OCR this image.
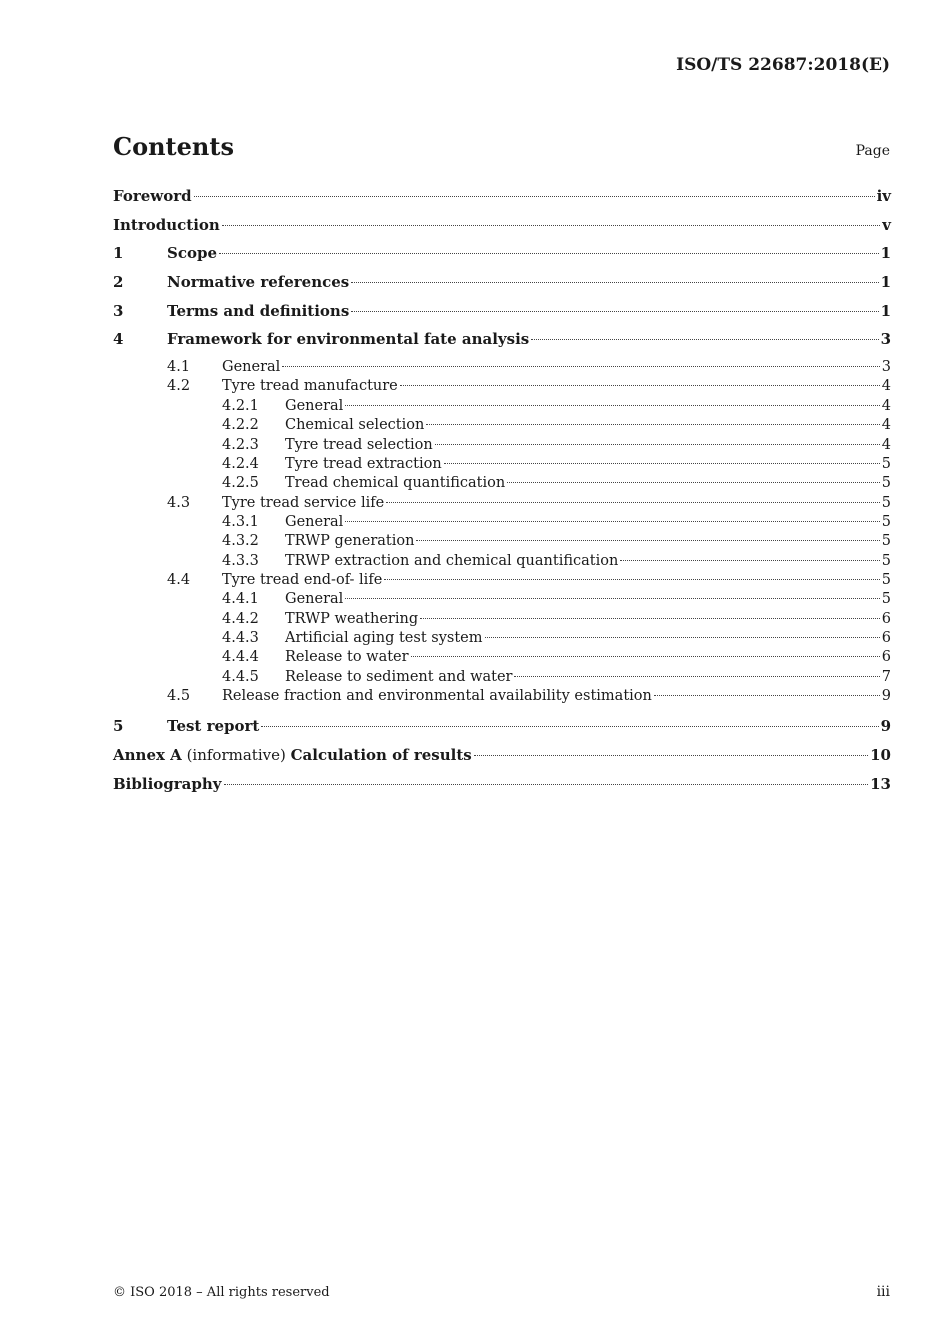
ISO/TS 22687:2018(E)
Contents	Page
Foreword	iv
Introduction	v
1	Scope	1
2	Normative references	1
3	Terms and definitions	1
4	Framework for environmental fate analysis	3
4.1	General	3
4.2	Tyre tread manufacture	4
4.2.1	General	4
4.2.2	Chemical selection	4
4.2.3	Tyre tread selection	4
4.2.4	Tyre tread extraction	5
4.2.5	Tread chemical quantification	5
4.3	Tyre tread service life	5
4.3.1	General	5
4.3.2	TRWP generation	5
4.3.3	TRWP extraction and chemical quantification	5
4.4	Tyre tread end-of- life	5
4.4.1	General	5
4.4.2	TRWP weathering	6
4.4.3	Artificial aging test system	6
4.4.4	Release to water	6
4.4.5	Release to sediment and water	7
4.5	Release fraction and environmental availability estimation	9
5	Test report	9
Annex A (informative) Calculation of results	10
Bibliography	13
© ISO 2018 – All rights reserved	iii
